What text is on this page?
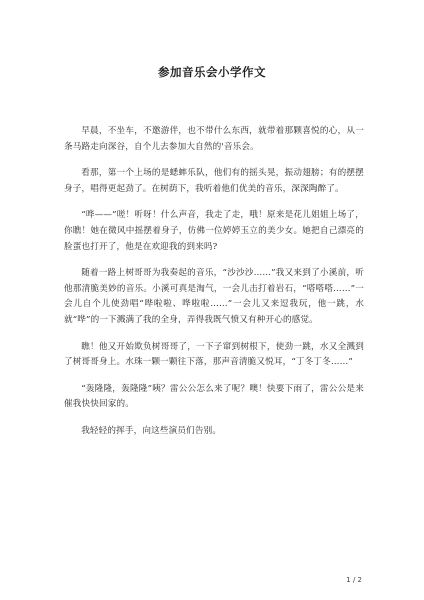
参加音乐会小学作文

早晨，不坐车，不邀游伴，也不带什么东西，就带着那颗喜悦的心，从一条马路走向深谷，自个儿去参加大自然的'音乐会。

看那，第一个上场的是蟋蟀乐队，他们有的摇头晃，振动翅膀；有的摆摆身子，唱得更起劲了。在树荫下，我听着他们优美的音乐，深深陶醉了。

“哗——”嗟！听呀！什么声音，我走了走，哦！原来是花儿姐姐上场了，你瞧！她在微风中摇摆着身子，仿佛一位婷婷玉立的美少女。她把自己漂亮的脸蛋也打开了，他是在欢迎我的到来吗?

随着一路上树哥哥为我奏起的音乐，“沙沙沙……”我又来到了小溪前，听他那清脆美妙的音乐。小溪可真是淘气，一会儿击打着岩石，“嗒嗒嗒……”一会儿自个儿使劲唱“哗啦啦、哗啦啦……”一会儿又来逗我玩，他一跳，水就“哗”的一下溅满了我的全身，弄得我既气愤又有种开心的感觉。

瞧！他又开始欺负树哥哥了，一下子窜到树根下，使劲一跳，水又全溅到了树哥哥身上。水珠一颗一颗往下落，那声音清脆又悦耳，“丁冬丁冬……”

“轰隆隆，轰隆隆”咦？雷公公怎么来了呢？噢！快要下雨了，雷公公是来催我快快回家的。

我轻轻的挥手，向这些演员们告别。

1 / 2
